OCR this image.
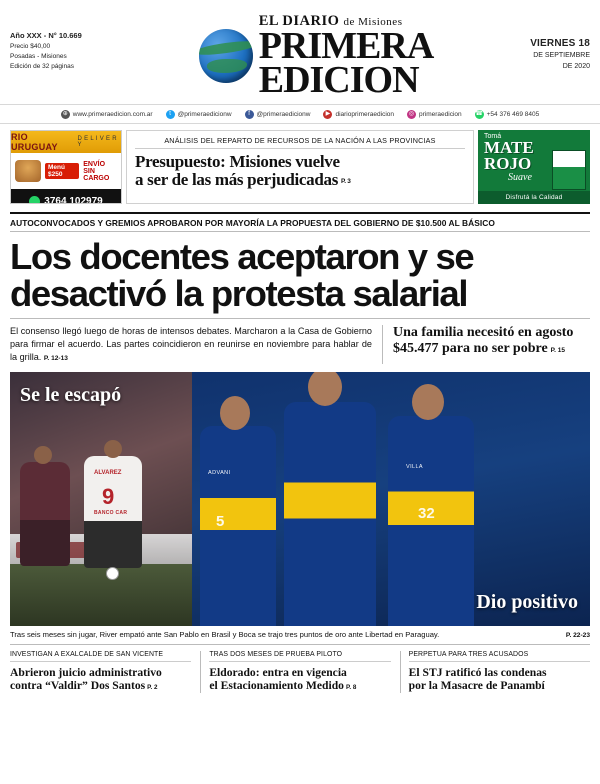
Año XXX - N° 10.669
Precio $40,00
Posadas - Misiones
Edición de 32 páginas
EL DIARIO de Misiones
PRIMERA
EDICION
VIERNES 18
DE SEPTIEMBRE
DE 2020
⊕ www.primeraedicion.com.ar	t	@primeraedicionw	f	@primeraedicionw	▶ diarioprimeraedicion	◎ primeraedicion ☎ +54 376 469 8405
RIO URUGUAY
D E L I V E R Y
Menú $250
ENVÍO
SIN CARGO
3764 102979
ANÁLISIS DEL REPARTO DE RECURSOS DE LA NACIÓN A LAS PROVINCIAS
Presupuesto: Misiones vuelve
a ser de las más perjudicadas P. 3
Tomá
MATE
ROJO
Suave
Disfrutá la Calidad
AUTOCONVOCADOS Y GREMIOS APROBARON POR MAYORÍA LA PROPUESTA DEL GOBIERNO DE $10.500 AL BÁSICO
Los docentes aceptaron y se
desactivó la protesta salarial
El consenso llegó luego de horas de intensos debates. Marcharon a la Casa de Gobierno para firmar el acuerdo. Las partes coincidieron en reunirse en noviembre para hablar de la grilla. P. 12-13
Una familia necesitó en agosto
$45.477 para no ser pobre P. 15
ALVAREZ
9
BANCO CAR
Se le escapó
5
ADVANI
32
VILLA
Dio positivo
Tras seis meses sin jugar, River empató ante San Pablo en Brasil y Boca se trajo tres puntos de oro ante Libertad en Paraguay.	P. 22-23
INVESTIGAN A EXALCALDE DE SAN VICENTE
Abrieron juicio administrativo
contra “Valdir” Dos Santos P. 2
TRAS DOS MESES DE PRUEBA PILOTO
Eldorado: entra en vigencia
el Estacionamiento Medido P. 8
PERPETUA PARA TRES ACUSADOS
El STJ ratificó las condenas
por la Masacre de Panambí
